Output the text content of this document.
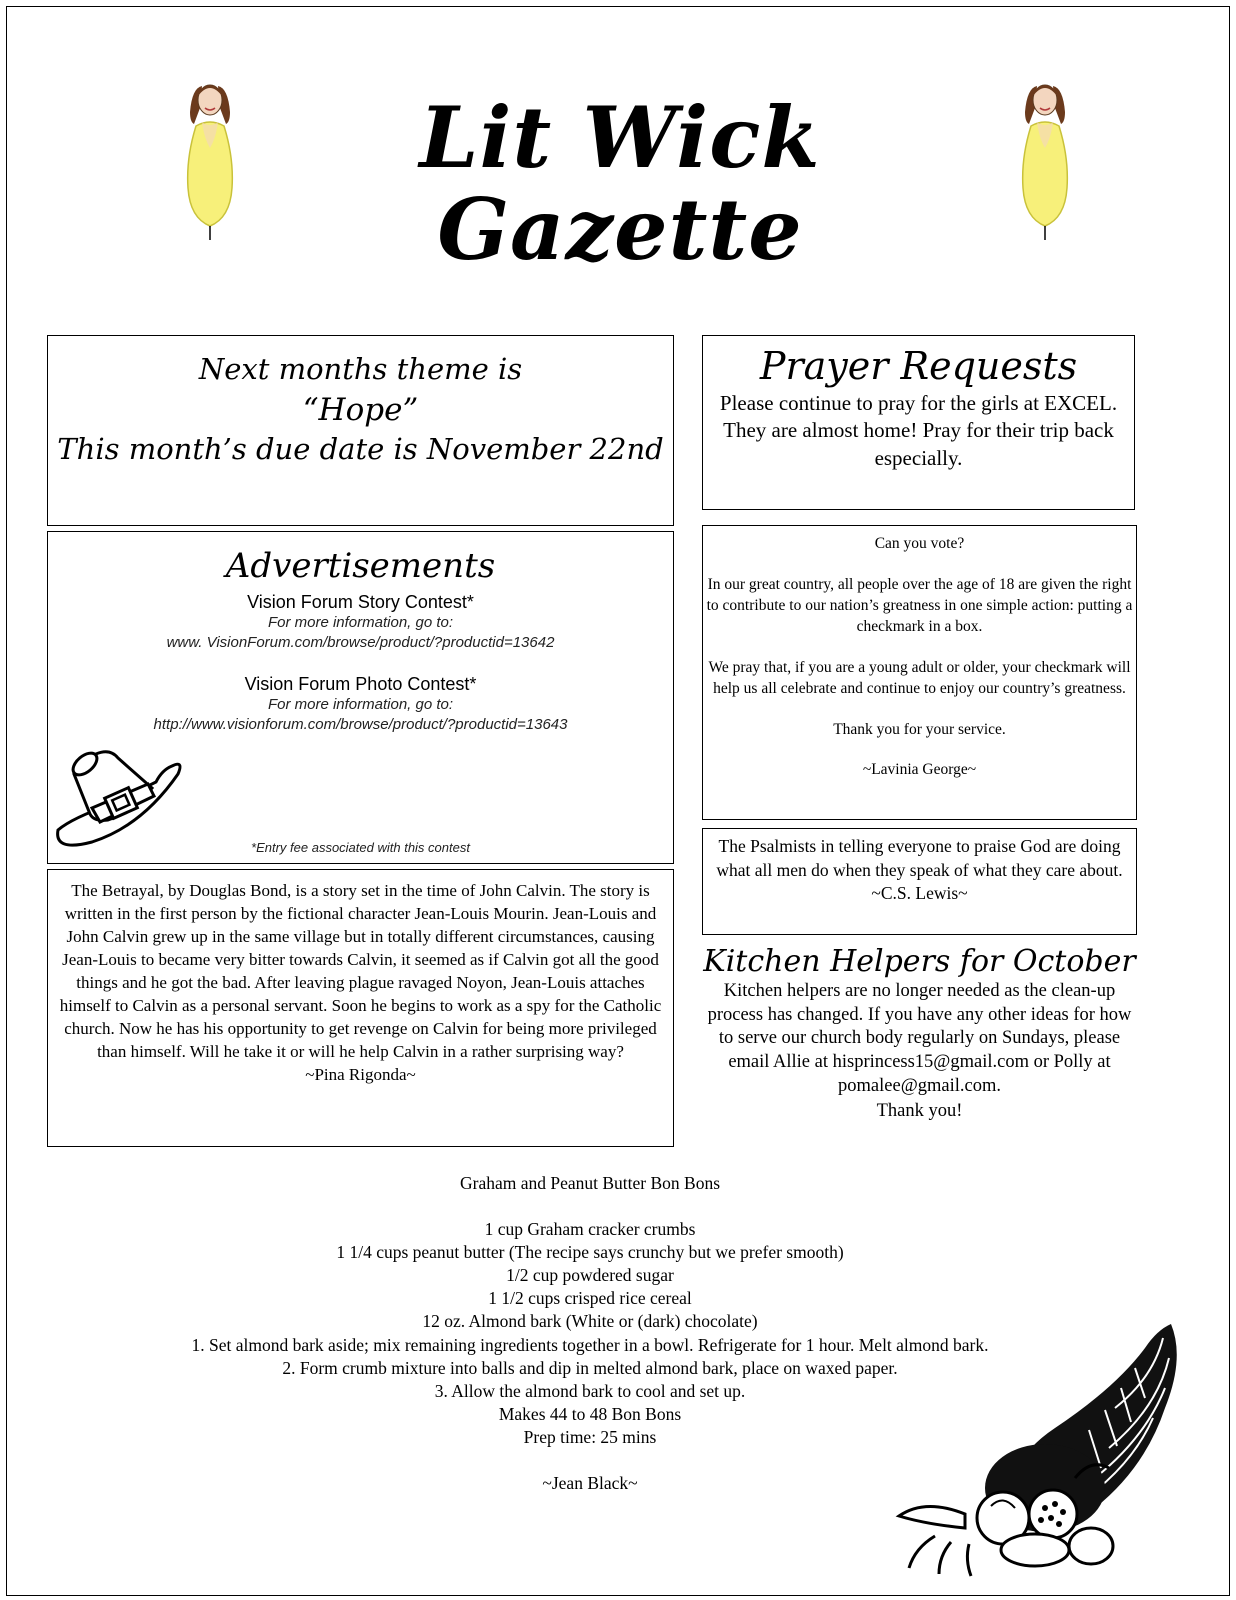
Lit Wick Gazette
Next months theme is
“Hope”
This month’s due date is November 22nd
Advertisements
Vision Forum Story Contest*
For more information, go to:
www. VisionForum.com/browse/product/?productid=13642
Vision Forum Photo Contest*
For more information, go to:
http://www.visionforum.com/browse/product/?productid=13643
*Entry fee associated with this contest
The Betrayal, by Douglas Bond, is a story set in the time of John Calvin. The story is written in the first person by the fictional character Jean-Louis Mourin. Jean-Louis and John Calvin grew up in the same village but in totally different circumstances, causing Jean-Louis to became very bitter towards Calvin, it seemed as if Calvin got all the good things and he got the bad. After leaving plague ravaged Noyon, Jean-Louis attaches himself to Calvin as a personal servant. Soon he begins to work as a spy for the Catholic church. Now he has his opportunity to get revenge on Calvin for being more privileged than himself. Will he take it or will he help Calvin in a rather surprising way?
~Pina Rigonda~
Prayer Requests
Please continue to pray for the girls at EXCEL. They are almost home! Pray for their trip back especially.
Can you vote?
In our great country, all people over the age of 18 are given the right to contribute to our nation’s greatness in one simple action: putting a checkmark in a box.
We pray that, if you are a young adult or older, your checkmark will help us all celebrate and continue to enjoy our country’s greatness.
Thank you for your service.
~Lavinia George~
The Psalmists in telling everyone to praise God are doing what all men do when they speak of what they care about.
~C.S. Lewis~
Kitchen Helpers for October
Kitchen helpers are no longer needed as the clean-up process has changed. If you have any other ideas for how to serve our church body regularly on Sundays, please email Allie at hisprincess15@gmail.com or Polly at pomalee@gmail.com.
Thank you!
Graham and Peanut Butter Bon Bons
1 cup Graham cracker crumbs
1 1/4 cups peanut butter (The recipe says crunchy but we prefer smooth)
1/2 cup powdered sugar
1 1/2 cups crisped rice cereal
12 oz. Almond bark (White or (dark) chocolate)
1. Set almond bark aside; mix remaining ingredients together in a bowl. Refrigerate for 1 hour. Melt almond bark.
2. Form crumb mixture into balls and dip in melted almond bark, place on waxed paper.
3. Allow the almond bark to cool and set up.
Makes 44 to 48 Bon Bons
Prep time: 25 mins
~Jean Black~
